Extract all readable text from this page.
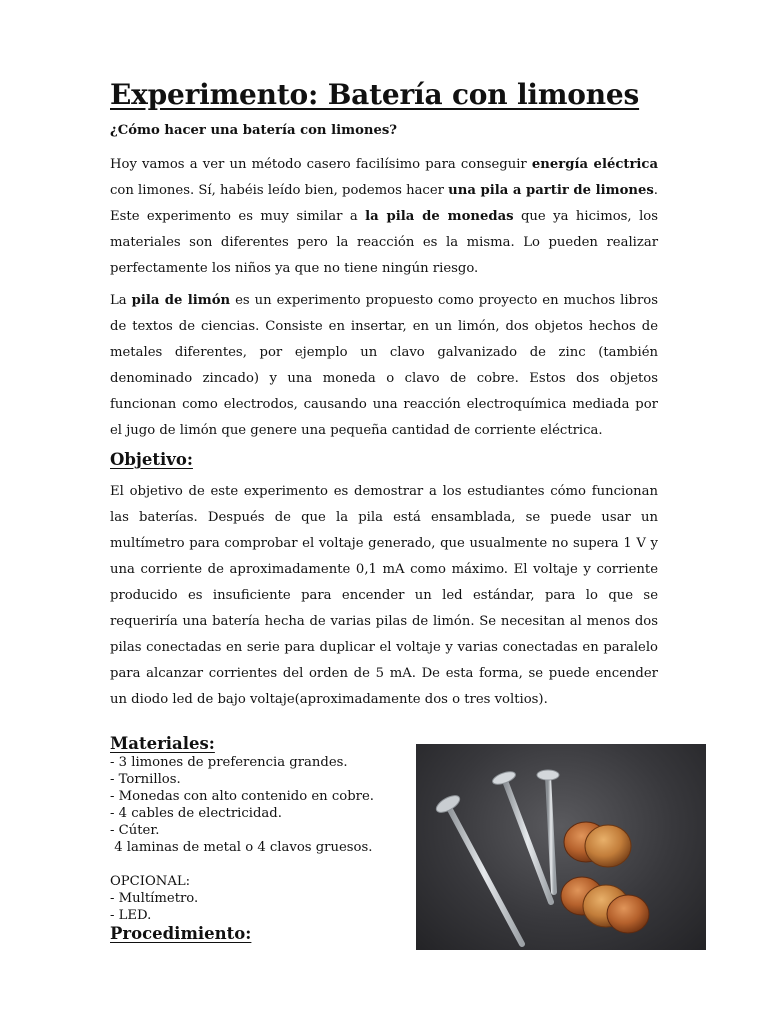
Experimento: Batería con limones
¿Cómo hacer una batería con limones?

Hoy vamos a ver un método casero facilísimo para conseguir energía eléctrica con limones. Sí, habéis leído bien, podemos hacer una pila a partir de limones. Este experimento es muy similar a la pila de monedas que ya hicimos, los materiales son diferentes pero la reacción es la misma. Lo pueden realizar perfectamente los niños ya que no tiene ningún riesgo.

La pila de limón es un experimento propuesto como proyecto en muchos libros de textos de ciencias. Consiste en insertar, en un limón, dos objetos hechos de metales diferentes, por ejemplo un clavo galvanizado de zinc (también denominado zincado) y una moneda o clavo de cobre. Estos dos objetos funcionan como electrodos, causando una reacción electroquímica mediada por el jugo de limón que genere una pequeña cantidad de corriente eléctrica.

Objetivo:

El objetivo de este experimento es demostrar a los estudiantes cómo funcionan las baterías. Después de que la pila está ensamblada, se puede usar un multímetro para comprobar el voltaje generado, que usualmente no supera 1 V y una corriente de aproximadamente 0,1 mA como máximo. El voltaje y corriente producido es insuficiente para encender un led estándar, para lo que se requeriría una batería hecha de varias pilas de limón. Se necesitan al menos dos pilas conectadas en serie para duplicar el voltaje y varias conectadas en paralelo para alcanzar corrientes del orden de 5 mA. De esta forma, se puede encender un diodo led de bajo voltaje(aproximadamente dos o tres voltios).

Materiales:
- 3 limones de preferencia grandes.
- Tornillos.
- Monedas con alto contenido en cobre.
- 4 cables de electricidad.
- Cúter.
4 laminas de metal o 4 clavos gruesos.
OPCIONAL:
- Multímetro.
- LED.
Procedimiento:
